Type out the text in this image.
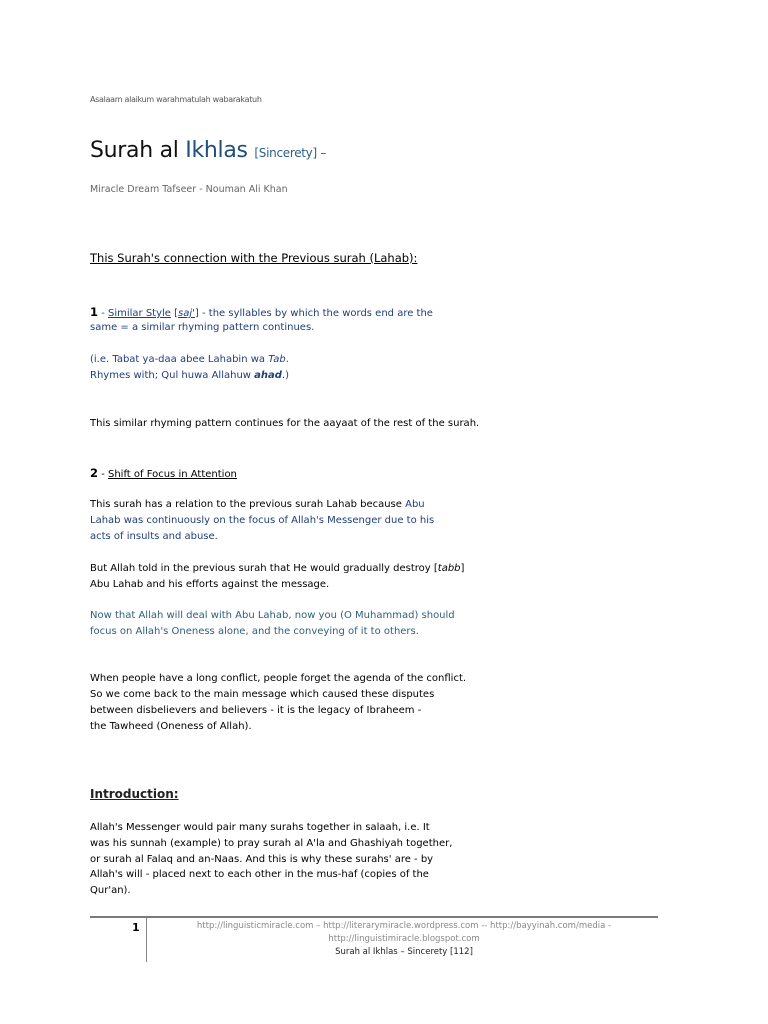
Asalaam alaikum warahmatulah wabarakatuh
Surah al Ikhlas [Sincerety] –
Miracle Dream Tafseer - Nouman Ali Khan
This Surah's connection with the Previous surah (Lahab):
1 - Similar Style [saj'] - the syllables by which the words end are the
same = a similar rhyming pattern continues.
(i.e. Tabat ya-daa abee Lahabin wa Tab.
Rhymes with; Qul huwa Allahuw ahad.)
This similar rhyming pattern continues for the aayaat of the rest of the surah.
2 - Shift of Focus in Attention
This surah has a relation to the previous surah Lahab because Abu
Lahab was continuously on the focus of Allah's Messenger due to his
acts of insults and abuse.
But Allah told in the previous surah that He would gradually destroy [tabb]
Abu Lahab and his efforts against the message.
Now that Allah will deal with Abu Lahab, now you (O Muhammad) should
focus on Allah's Oneness alone, and the conveying of it to others.
When people have a long conflict, people forget the agenda of the conflict.
So we come back to the main message which caused these disputes
between disbelievers and believers - it is the legacy of Ibraheem -
the Tawheed (Oneness of Allah).
Introduction:
Allah's Messenger would pair many surahs together in salaah, i.e. It
was his sunnah (example) to pray surah al A'la and Ghashiyah together,
or surah al Falaq and an-Naas. And this is why these surahs' are - by
Allah's will - placed next to each other in the mus-haf (copies of the
Qur'an).
1	http://linguisticmiracle.com – http://literarymiracle.wordpress.com -- http://bayyinah.com/media -
http://linguistimiracle.blogspot.com
Surah al Ikhlas – Sincerety [112]
